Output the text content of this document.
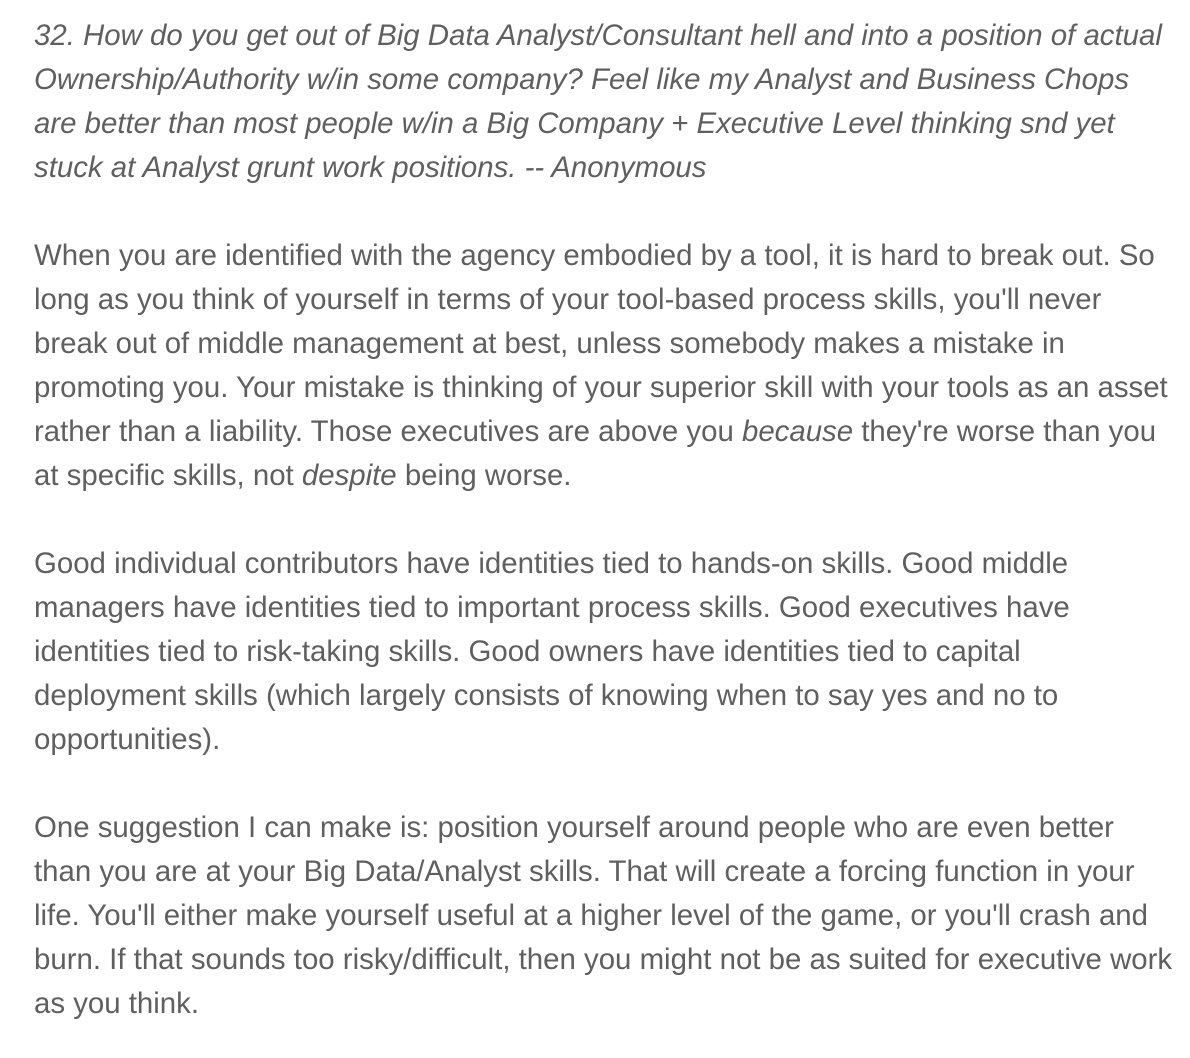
32. How do you get out of Big Data Analyst/Consultant hell and into a position of actual Ownership/Authority w/in some company? Feel like my Analyst and Business Chops are better than most people w/in a Big Company + Executive Level thinking snd yet stuck at Analyst grunt work positions. -- Anonymous

When you are identified with the agency embodied by a tool, it is hard to break out. So long as you think of yourself in terms of your tool-based process skills, you'll never break out of middle management at best, unless somebody makes a mistake in promoting you. Your mistake is thinking of your superior skill with your tools as an asset rather than a liability. Those executives are above you because they're worse than you at specific skills, not despite being worse.

Good individual contributors have identities tied to hands-on skills. Good middle managers have identities tied to important process skills. Good executives have identities tied to risk-taking skills. Good owners have identities tied to capital deployment skills (which largely consists of knowing when to say yes and no to opportunities).

One suggestion I can make is: position yourself around people who are even better than you are at your Big Data/Analyst skills. That will create a forcing function in your life. You'll either make yourself useful at a higher level of the game, or you'll crash and burn. If that sounds too risky/difficult, then you might not be as suited for executive work as you think.
